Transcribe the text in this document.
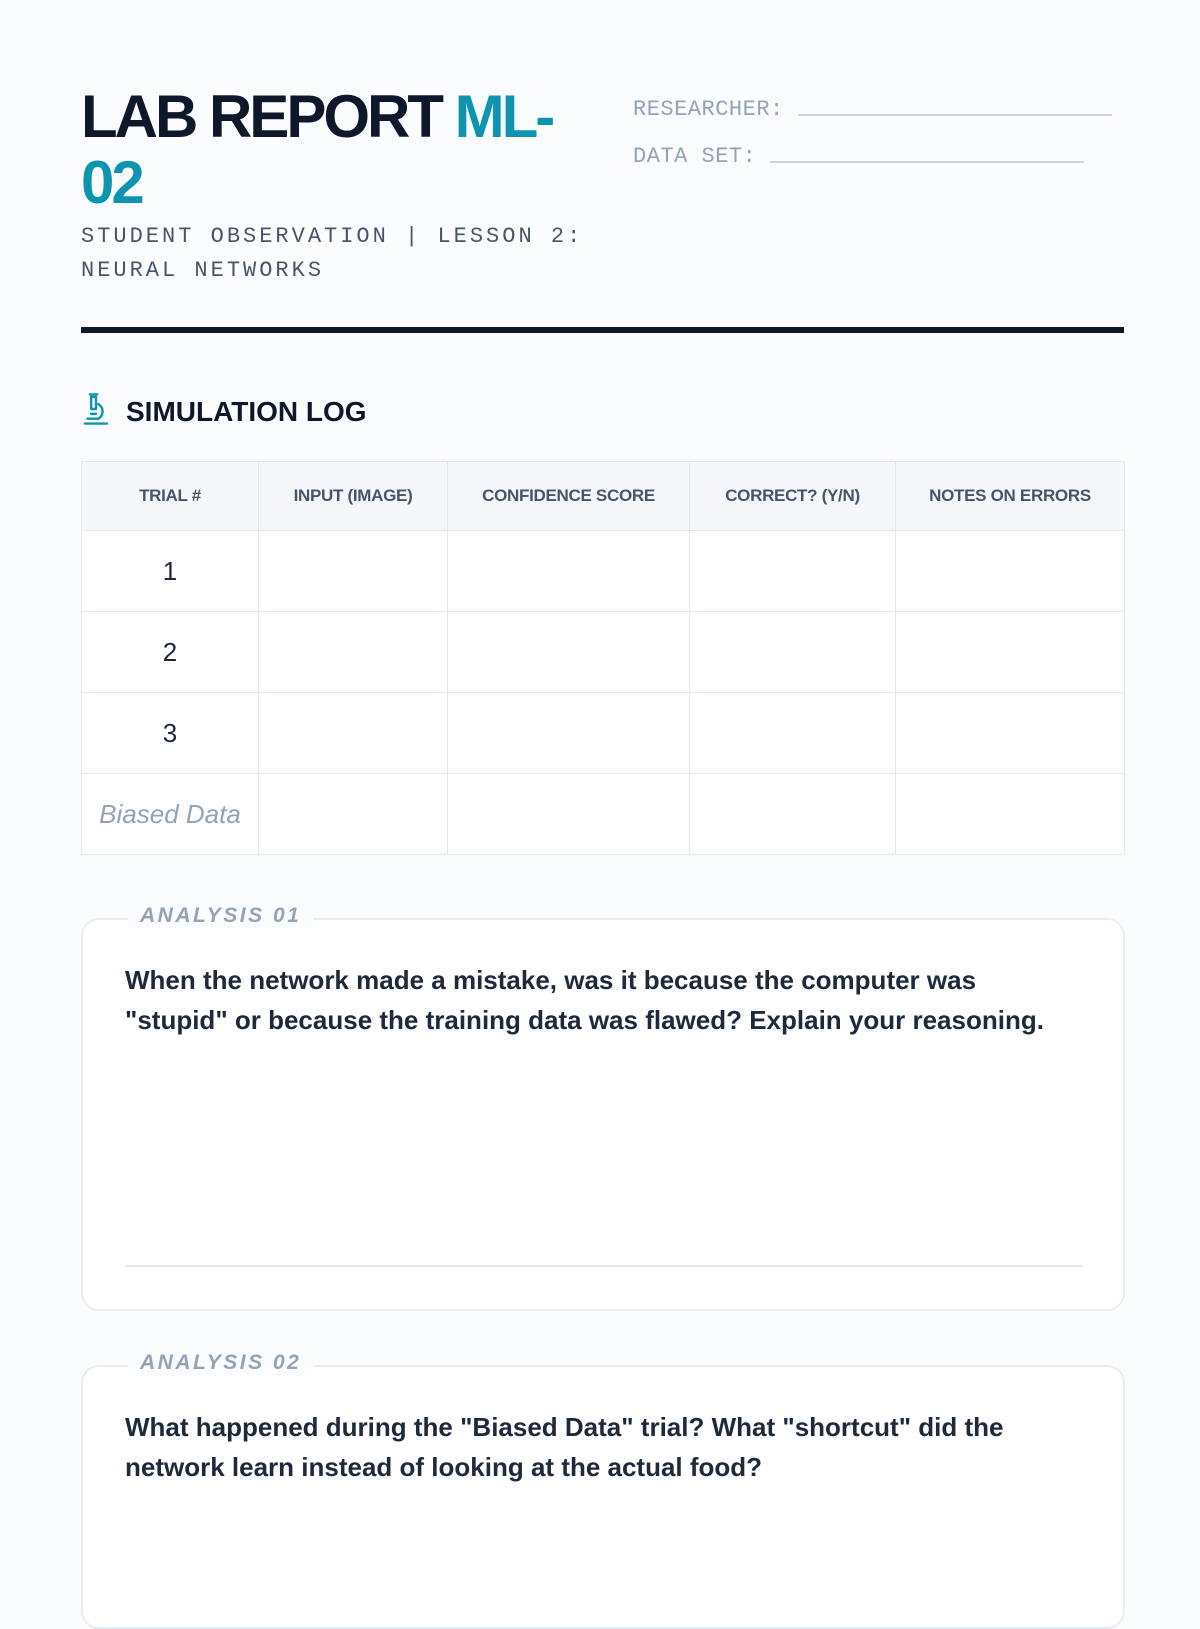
LAB REPORT ML-02
STUDENT OBSERVATION | LESSON 2: NEURAL NETWORKS
RESEARCHER:
DATA SET:
SIMULATION LOG
TRIAL #	INPUT (IMAGE)	CONFIDENCE SCORE	CORRECT? (Y/N)	NOTES ON ERRORS
1				
2				
3				
Biased Data				
ANALYSIS 01
When the network made a mistake, was it because the computer was "stupid" or because the training data was flawed? Explain your reasoning.
ANALYSIS 02
What happened during the "Biased Data" trial? What "shortcut" did the network learn instead of looking at the actual food?
